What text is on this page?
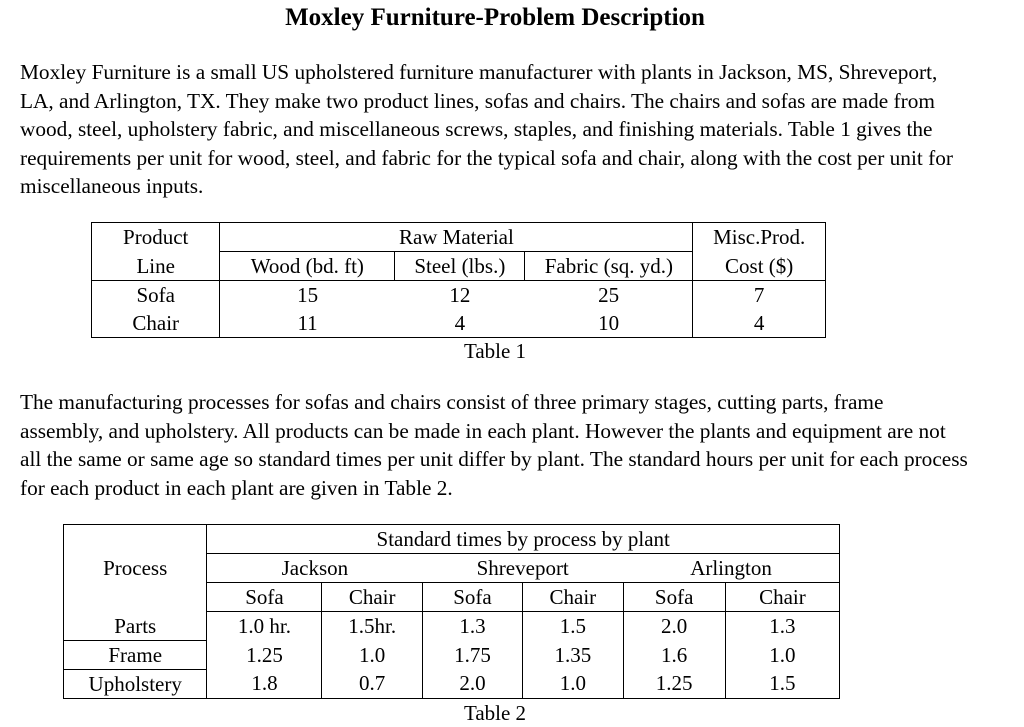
Moxley Furniture-Problem Description

Moxley Furniture is a small US upholstered furniture manufacturer with plants in Jackson, MS, Shreveport, LA, and Arlington, TX. They make two product lines, sofas and chairs. The chairs and sofas are made from wood, steel, upholstery fabric, and miscellaneous screws, staples, and finishing materials. Table 1 gives the requirements per unit for wood, steel, and fabric for the typical sofa and chair, along with the cost per unit for miscellaneous inputs.

Product	Raw Material			Misc.Prod.
Line	Wood (bd. ft)	Steel (lbs.)	Fabric (sq. yd.)	Cost ($)
Sofa	15	12	25	7
Chair	11	4	10	4
Table 1

The manufacturing processes for sofas and chairs consist of three primary stages, cutting parts, frame assembly, and upholstery. All products can be made in each plant. However the plants and equipment are not all the same or same age so standard times per unit differ by plant. The standard hours per unit for each process for each product in each plant are given in Table 2.

Process	Standard times by process by plant					
	Jackson		Shreveport		Arlington	
	Sofa	Chair	Sofa	Chair	Sofa	Chair
Parts	1.0 hr.	1.5hr.	1.3	1.5	2.0	1.3
Frame	1.25	1.0	1.75	1.35	1.6	1.0
Upholstery	1.8	0.7	2.0	1.0	1.25	1.5
Table 2
